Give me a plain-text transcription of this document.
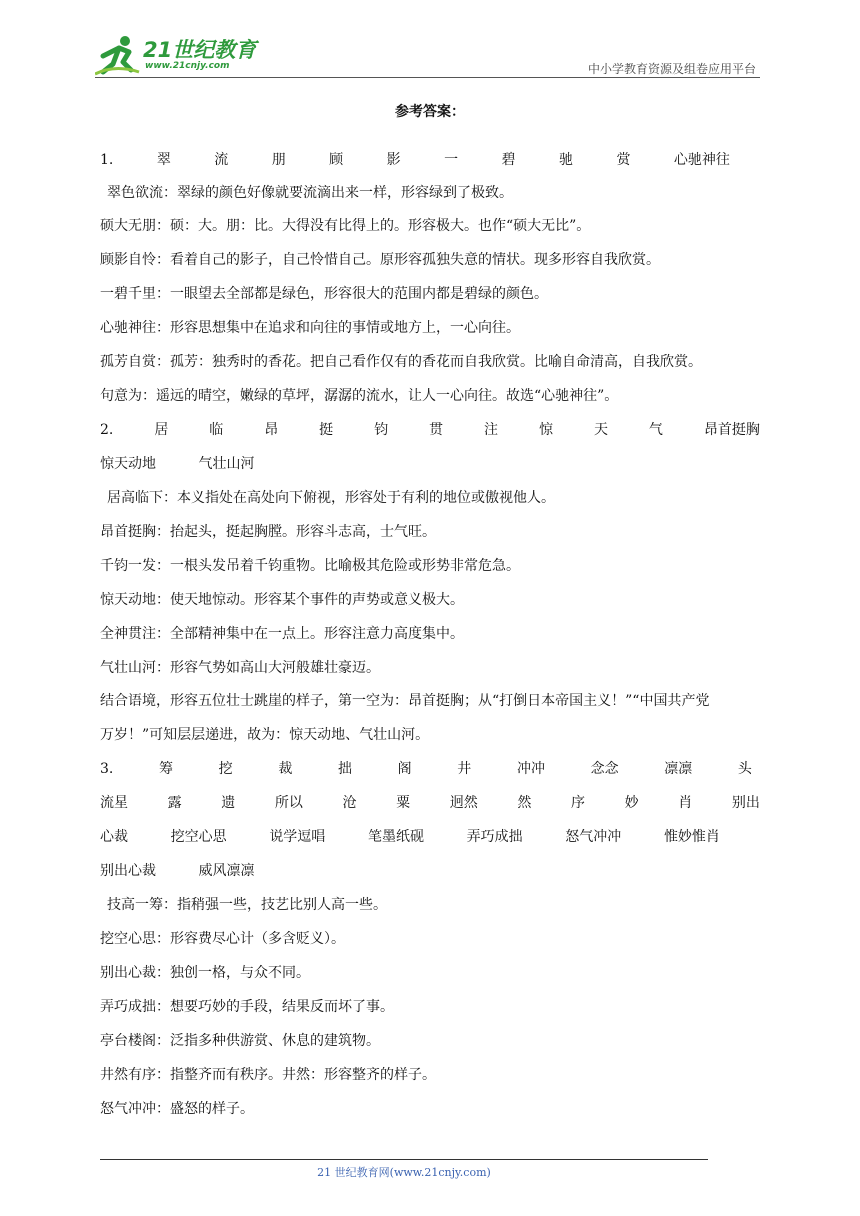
21世纪教育
www.21cnjy.com	中小学教育资源及组卷应用平台
参考答案：
1.	翠	流	朋	顾	影	一	碧	驰	赏	心驰神往
翠色欲流：翠绿的颜色好像就要流滴出来一样，形容绿到了极致。
硕大无朋：硕：大。朋：比。大得没有比得上的。形容极大。也作“硕大无比”。
顾影自怜：看着自己的影子，自己怜惜自己。原形容孤独失意的情状。现多形容自我欣赏。
一碧千里：一眼望去全部都是绿色，形容很大的范围内都是碧绿的颜色。
心驰神往：形容思想集中在追求和向往的事情或地方上，一心向往。
孤芳自赏：孤芳：独秀时的香花。把自己看作仅有的香花而自我欣赏。比喻自命清高，自我欣赏。
句意为：遥远的晴空，嫩绿的草坪，潺潺的流水，让人一心向往。故选“心驰神往”。
2.	居	临	昂	挺	钧	贯	注	惊	天	气	昂首挺胸
惊天动地	气壮山河
居高临下：本义指处在高处向下俯视，形容处于有利的地位或傲视他人。
昂首挺胸：抬起头，挺起胸膛。形容斗志高，士气旺。
千钧一发：一根头发吊着千钧重物。比喻极其危险或形势非常危急。
惊天动地：使天地惊动。形容某个事件的声势或意义极大。
全神贯注：全部精神集中在一点上。形容注意力高度集中。
气壮山河：形容气势如高山大河般雄壮豪迈。
结合语境，形容五位壮士跳崖的样子，第一空为：昂首挺胸；从“打倒日本帝国主义！”“中国共产党
万岁！”可知层层递进，故为：惊天动地、气壮山河。
3.	筹	挖	裁	拙	阁	井	冲冲	念念	凛凛	头
流星	露	遗	所以	沧	粟	迥然	然	序	妙	肖	别出
心裁	挖空心思	说学逗唱	笔墨纸砚	弄巧成拙	怒气冲冲	惟妙惟肖
别出心裁	威风凛凛
技高一筹：指稍强一些，技艺比别人高一些。
挖空心思：形容费尽心计（多含贬义）。
别出心裁：独创一格，与众不同。
弄巧成拙：想要巧妙的手段，结果反而坏了事。
亭台楼阁：泛指多种供游赏、休息的建筑物。
井然有序：指整齐而有秩序。井然：形容整齐的样子。
怒气冲冲：盛怒的样子。
21 世纪教育网(www.21cnjy.com)
